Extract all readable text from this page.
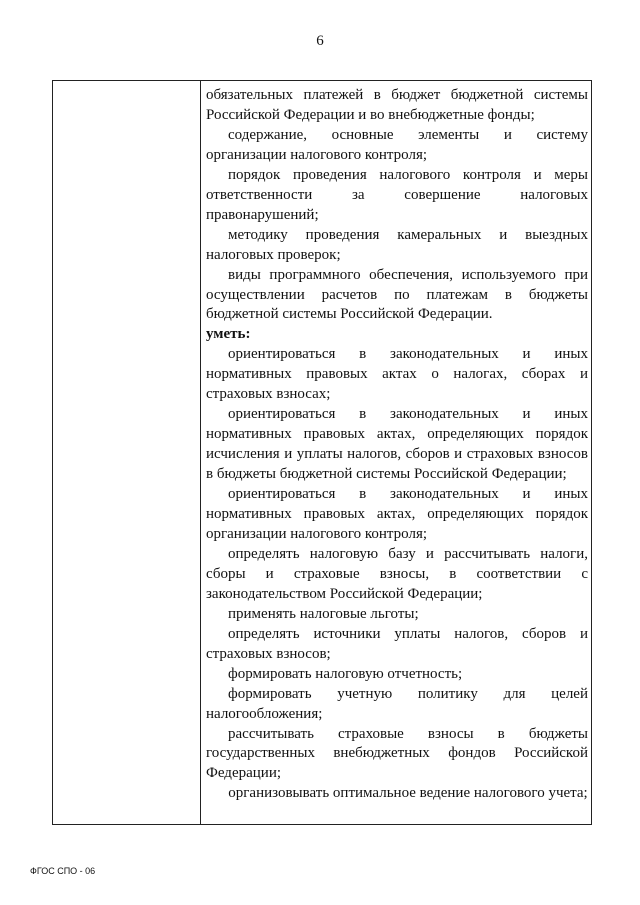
6

обязательных платежей в бюджет бюджетной системы Российской Федерации и во внебюджетные фонды;

содержание, основные элементы и систему организации налогового контроля;

порядок проведения налогового контроля и меры ответственности за совершение налоговых правонарушений;

методику проведения камеральных и выездных налоговых проверок;

виды программного обеспечения, используемого при осуществлении расчетов по платежам в бюджеты бюджетной системы Российской Федерации.

уметь:

ориентироваться в законодательных и иных нормативных правовых актах о налогах, сборах и страховых взносах;

ориентироваться в законодательных и иных нормативных правовых актах, определяющих порядок исчисления и уплаты налогов, сборов и страховых взносов в бюджеты бюджетной системы Российской Федерации;

ориентироваться в законодательных и иных нормативных правовых актах, определяющих порядок организации налогового контроля;

определять налоговую базу и рассчитывать налоги, сборы и страховые взносы, в соответствии с законодательством Российской Федерации;

применять налоговые льготы;

определять источники уплаты налогов, сборов и страховых взносов;

формировать налоговую отчетность;

формировать учетную политику для целей налогообложения;

рассчитывать страховые взносы в бюджеты государственных внебюджетных фондов Российской Федерации;

организовывать оптимальное ведение налогового учета;

ФГОС СПО - 06
